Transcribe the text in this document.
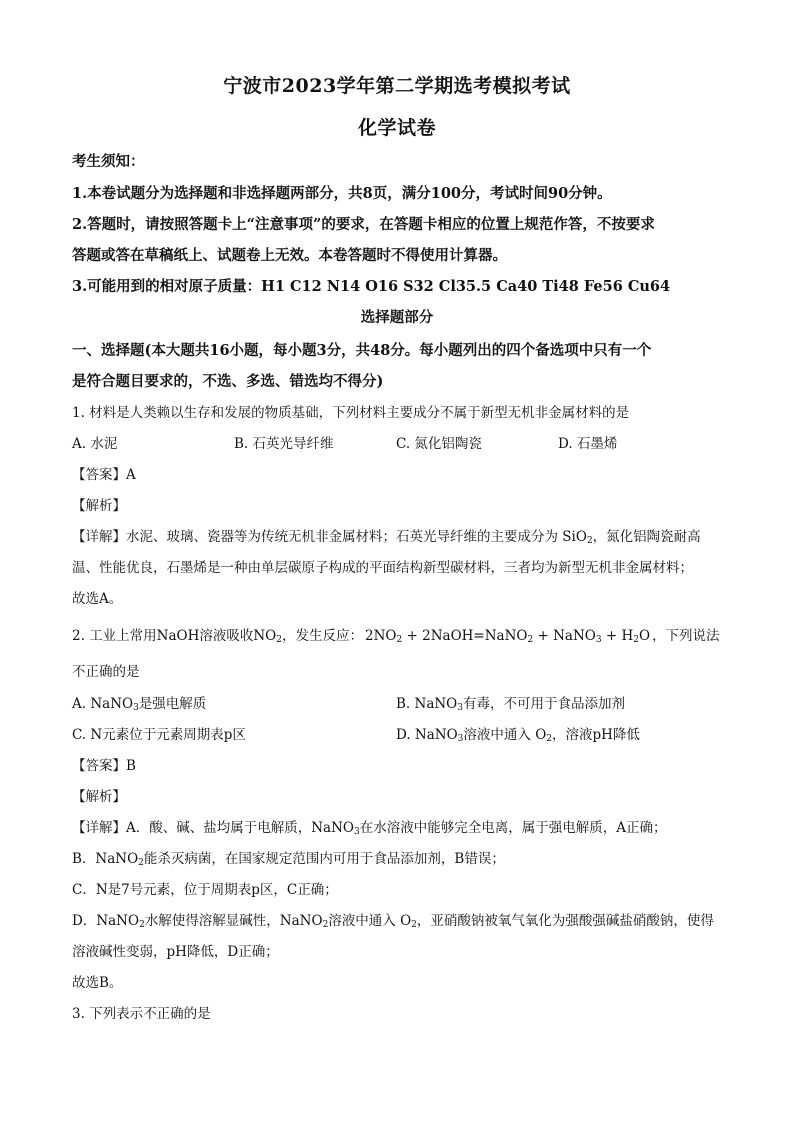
宁波市2023学年第二学期选考模拟考试
化学试卷
考生须知：
1.本卷试题分为选择题和非选择题两部分，共8页，满分100分，考试时间90分钟。
2.答题时，请按照答题卡上“注意事项”的要求，在答题卡相应的位置上规范作答，不按要求
答题或答在草稿纸上、试题卷上无效。本卷答题时不得使用计算器。
3.可能用到的相对原子质量：H1 C12 N14 O16 S32 Cl35.5 Ca40 Ti48 Fe56 Cu64
选择题部分
一、选择题(本大题共16小题，每小题3分，共48分。每小题列出的四个备选项中只有一个
是符合题目要求的，不选、多选、错选均不得分)
1. 材料是人类赖以生存和发展的物质基础，下列材料主要成分不属于新型无机非金属材料的是
A. 水泥	B. 石英光导纤维	C. 氮化铝陶瓷	D. 石墨烯
【答案】A
【解析】
【详解】水泥、玻璃、瓷器等为传统无机非金属材料；石英光导纤维的主要成分为 SiO$_2$，氮化铝陶瓷耐高
温、性能优良，石墨烯是一种由单层碳原子构成的平面结构新型碳材料，三者均为新型无机非金属材料；
故选A。
2. 工业上常用NaOH溶液吸收$NO_2$，发生反应： $2NO_2$ + 2NaOH=NaNO$_2$ + NaNO$_3$ + $H_2O$ ，下列说法
不正确的是
A. NaNO$_3$是强电解质	B. NaNO$_3$有毒，不可用于食品添加剂
C. N元素位于元素周期表p区	D. NaNO$_3$溶液中通入 $O_2$，溶液pH降低
【答案】B
【解析】
【详解】A．酸、碱、盐均属于电解质，NaNO$_3$在水溶液中能够完全电离，属于强电解质，A正确；
B．NaNO$_2$能杀灭病菌，在国家规定范围内可用于食品添加剂，B错误；
C．N是7号元素，位于周期表p区，C正确；
D．NaNO$_2$水解使得溶解显碱性，NaNO$_2$溶液中通入 $O_2$，亚硝酸钠被氧气氧化为强酸强碱盐硝酸钠，使得
溶液碱性变弱，pH降低，D正确；
故选B。
3. 下列表示不正确的是
